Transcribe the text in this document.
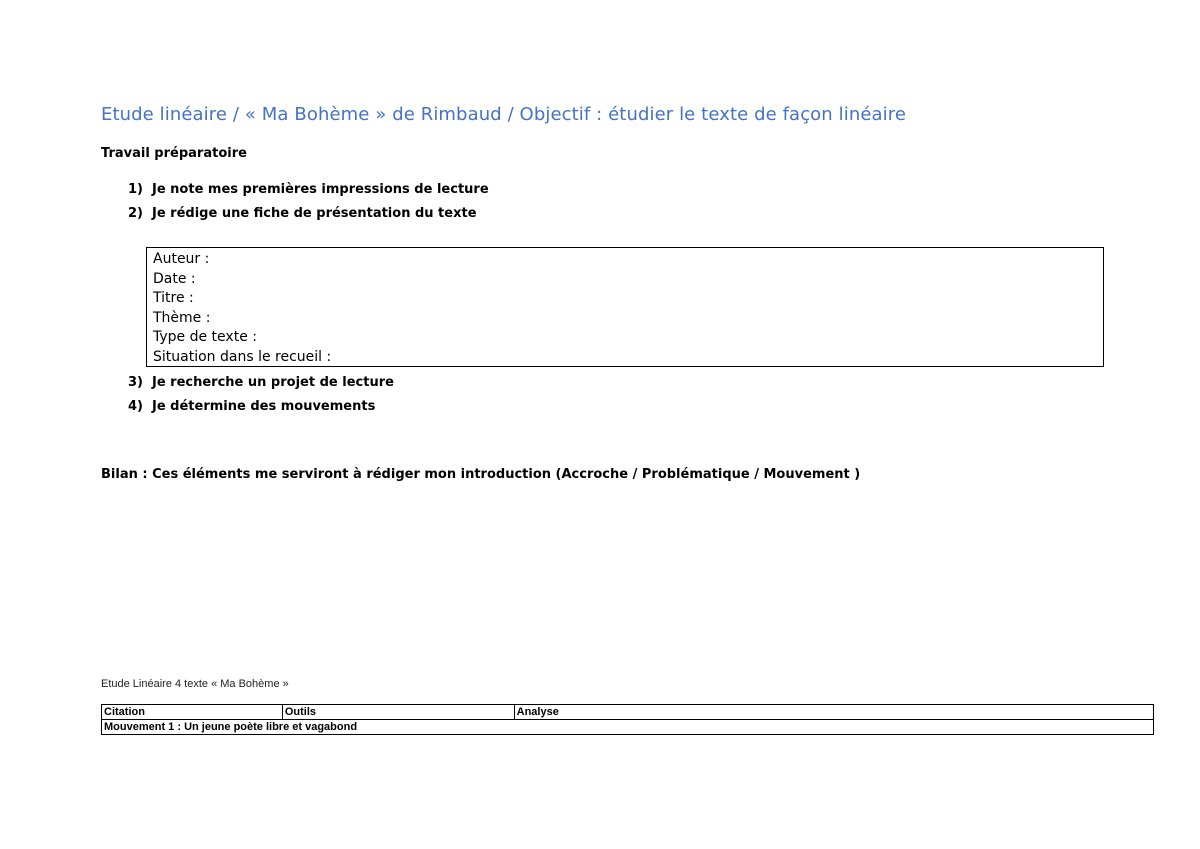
Etude linéaire / « Ma Bohème » de Rimbaud / Objectif : étudier le texte de façon linéaire
Travail préparatoire
1) Je note mes premières impressions de lecture
2) Je rédige une fiche de présentation du texte
Auteur :
Date :
Titre :
Thème :
Type de texte :
Situation dans le recueil :
3) Je recherche un projet de lecture
4) Je détermine des mouvements
Bilan : Ces éléments me serviront à rédiger mon introduction (Accroche / Problématique / Mouvement )
Etude Linéaire 4 texte « Ma Bohème »
Citation	Outils	Analyse
Mouvement 1 : Un jeune poète libre et vagabond
